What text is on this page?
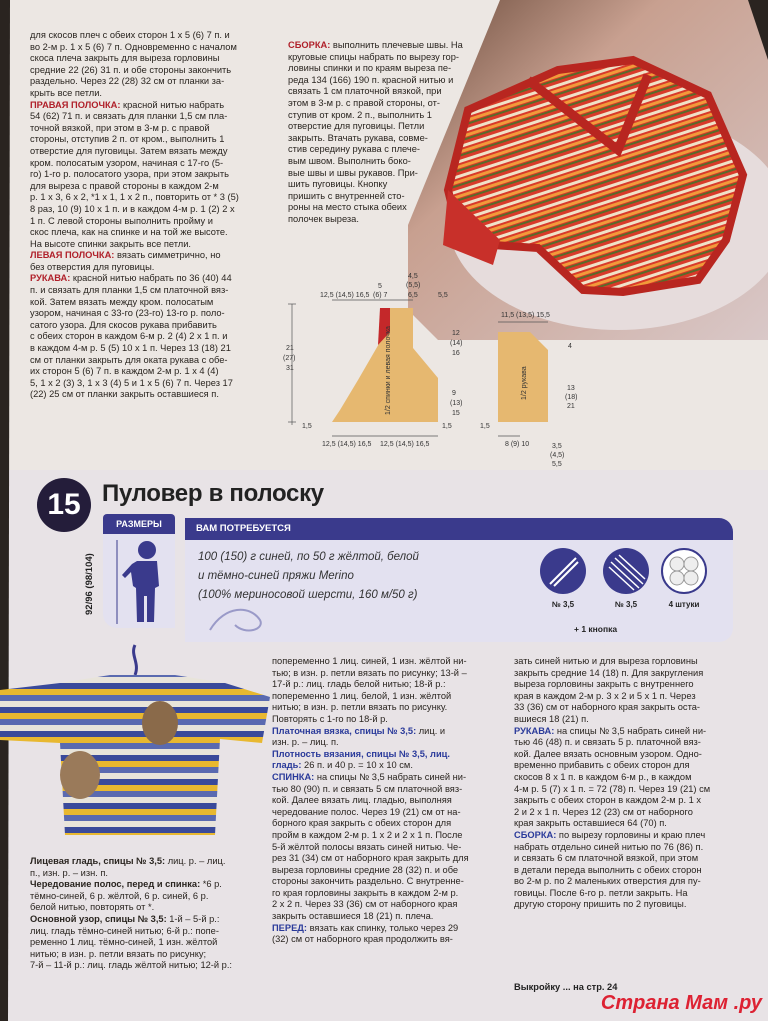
для скосов плеч с обеих сторон 1 х 5 (6) 7 п. и

во 2-м р. 1 х 5 (6) 7 п. Одновременно с началом

скоса плеча закрыть для выреза горловины

средние 22 (26) 31 п. и обе стороны закончить

раздельно. Через 22 (28) 32 см от планки за-

крыть все петли.

ПРАВАЯ ПОЛОЧКА: красной нитью набрать

54 (62) 71 п. и связать для планки 1,5 см пла-

точной вязкой, при этом в 3-м р. с правой

стороны, отступив 2 п. от кром., выполнить 1

отверстие для пуговицы. Затем вязать между

кром. полосатым узором, начиная с 17-го (5-

го) 1-го р. полосатого узора, при этом закрыть

для выреза с правой стороны в каждом 2-м

р. 1 х 3, 6 х 2, *1 х 1, 1 х 2 п., повторить от * 3 (5)

8 раз, 10 (9) 10 х 1 п. и в каждом 4-м р. 1 (2) 2 х

1 п. С левой стороны выполнить пройму и

скос плеча, как на спинке и на той же высоте.

На высоте спинки закрыть все петли.

ЛЕВАЯ ПОЛОЧКА: вязать симметрично, но

без отверстия для пуговицы.

РУКАВА: красной нитью набрать по 36 (40) 44

п. и связать для планки 1,5 см платочной вяз-

кой. Затем вязать между кром. полосатым

узором, начиная с 33-го (23-го) 13-го р. поло-

сатого узора. Для скосов рукава прибавить

с обеих сторон в каждом 6-м р. 2 (4) 2 х 1 п. и

в каждом 4-м р. 5 (5) 10 х 1 п. Через 13 (18) 21

см от планки закрыть для оката рукава с обе-

их сторон 5 (6) 7 п. в каждом 2-м р. 1 х 4 (4)

5, 1 х 2 (3) 3, 1 х 3 (4) 5 и 1 х 5 (6) 7 п. Через 17

(22) 25 см от планки закрыть оставшиеся п.

СБОРКА: выполнить плечевые швы. На

круговые спицы набрать по вырезу гор-

ловины спинки и по краям выреза пе-

реда 134 (166) 190 п. красной нитью и

связать 1 см платочной вязкой, при

этом в 3-м р. с правой стороны, от-

ступив от кром. 2 п., выполнить 1

отверстие для пуговицы. Петли

закрыть. Втачать рукава, совме-

стив середину рукава с плече-

вым швом. Выполнить боко-

вые швы и швы рукавов. При-

шить пуговицы. Кнопку

пришить с внутренней сто-

роны на место стыка обеих

полочек выреза.

12,5 (14,5) 16,5
5
(6) 7
4,5
(5,5)
6,5	5,5
21
(27)
31
12
(14)
16
9
(13)
15
1,5	1,5
12,5 (14,5) 16,5 12,5 (14,5) 16,5
1/2 спинки и левая полочка
11,5 (13,5) 15,5
4
13
(18)
21
1/2 рукава
8 (9) 10
1,5
3,5
(4,5)
5,5
15 Пуловер в полоску
РАЗМЕРЫ
92/96 (98/104)
ВАМ ПОТРЕБУЕТСЯ
100 (150) г синей, по 50 г жёлтой, белой
и тёмно-синей пряжи Merino
(100% мериносовой шерсти, 160 м/50 г)
№ 3,5	№ 3,5	4 штуки
+ 1 кнопка

Лицевая гладь, спицы № 3,5: лиц. р. – лиц.

п., изн. р. – изн. п.

Чередование полос, перед и спинка: *6 р.

тёмно-синей, 6 р. жёлтой, 6 р. синей, 6 р.

белой нитью, повторять от *.

Основной узор, спицы № 3,5: 1-й – 5-й р.:

лиц. гладь тёмно-синей нитью; 6-й р.: попе-

ременно 1 лиц. тёмно-синей, 1 изн. жёлтой

нитью; в изн. р. петли вязать по рисунку;

7-й – 11-й р.: лиц. гладь жёлтой нитью; 12-й р.:

попеременно 1 лиц. синей, 1 изн. жёлтой ни-

тью; в изн. р. петли вязать по рисунку; 13-й –

17-й р.: лиц. гладь белой нитью; 18-й р.:

попеременно 1 лиц. белой, 1 изн. жёлтой

нитью; в изн. р. петли вязать по рисунку.

Повторять с 1-го по 18-й р.

Платочная вязка, спицы № 3,5: лиц. и

изн. р. – лиц. п.

Плотность вязания, спицы № 3,5, лиц.

гладь: 26 п. и 40 р. = 10 х 10 см.

СПИНКА: на спицы № 3,5 набрать синей ни-

тью 80 (90) п. и связать 5 см платочной вяз-

кой. Далее вязать лиц. гладью, выполняя

чередование полос. Через 19 (21) см от на-

борного края закрыть с обеих сторон для

пройм в каждом 2-м р. 1 х 2 и 2 х 1 п. После

5-й жёлтой полосы вязать синей нитью. Че-

рез 31 (34) см от наборного края закрыть для

выреза горловины средние 28 (32) п. и обе

стороны закончить раздельно. С внутренне-

го края горловины закрыть в каждом 2-м р.

2 х 2 п. Через 33 (36) см от наборного края

закрыть оставшиеся 18 (21) п. плеча.

ПЕРЕД: вязать как спинку, только через 29

(32) см от наборного края продолжить вя-

зать синей нитью и для выреза горловины

закрыть средние 14 (18) п. Для закругления

выреза горловины закрыть с внутреннего

края в каждом 2-м р. 3 х 2 и 5 х 1 п. Через

33 (36) см от наборного края закрыть оста-

вшиеся 18 (21) п.

РУКАВА: на спицы № 3,5 набрать синей ни-

тью 46 (48) п. и связать 5 р. платочной вяз-

кой. Далее вязать основным узором. Одно-

временно прибавить с обеих сторон для

скосов 8 х 1 п. в каждом 6-м р., в каждом

4-м р. 5 (7) х 1 п. = 72 (78) п. Через 19 (21) см

закрыть с обеих сторон в каждом 2-м р. 1 х

2 и 2 х 1 п. Через 12 (23) см от наборного

края закрыть оставшиеся 64 (70) п.

СБОРКА: по вырезу горловины и краю плеч

набрать отдельно синей нитью по 76 (86) п.

и связать 6 см платочной вязкой, при этом

в детали переда выполнить с обеих сторон

во 2-м р. по 2 маленьких отверстия для пу-

говицы. После 6-го р. петли закрыть. На

другую сторону пришить по 2 пуговицы.

Выкройку ... на стр. 24
Страна Мам .ру
